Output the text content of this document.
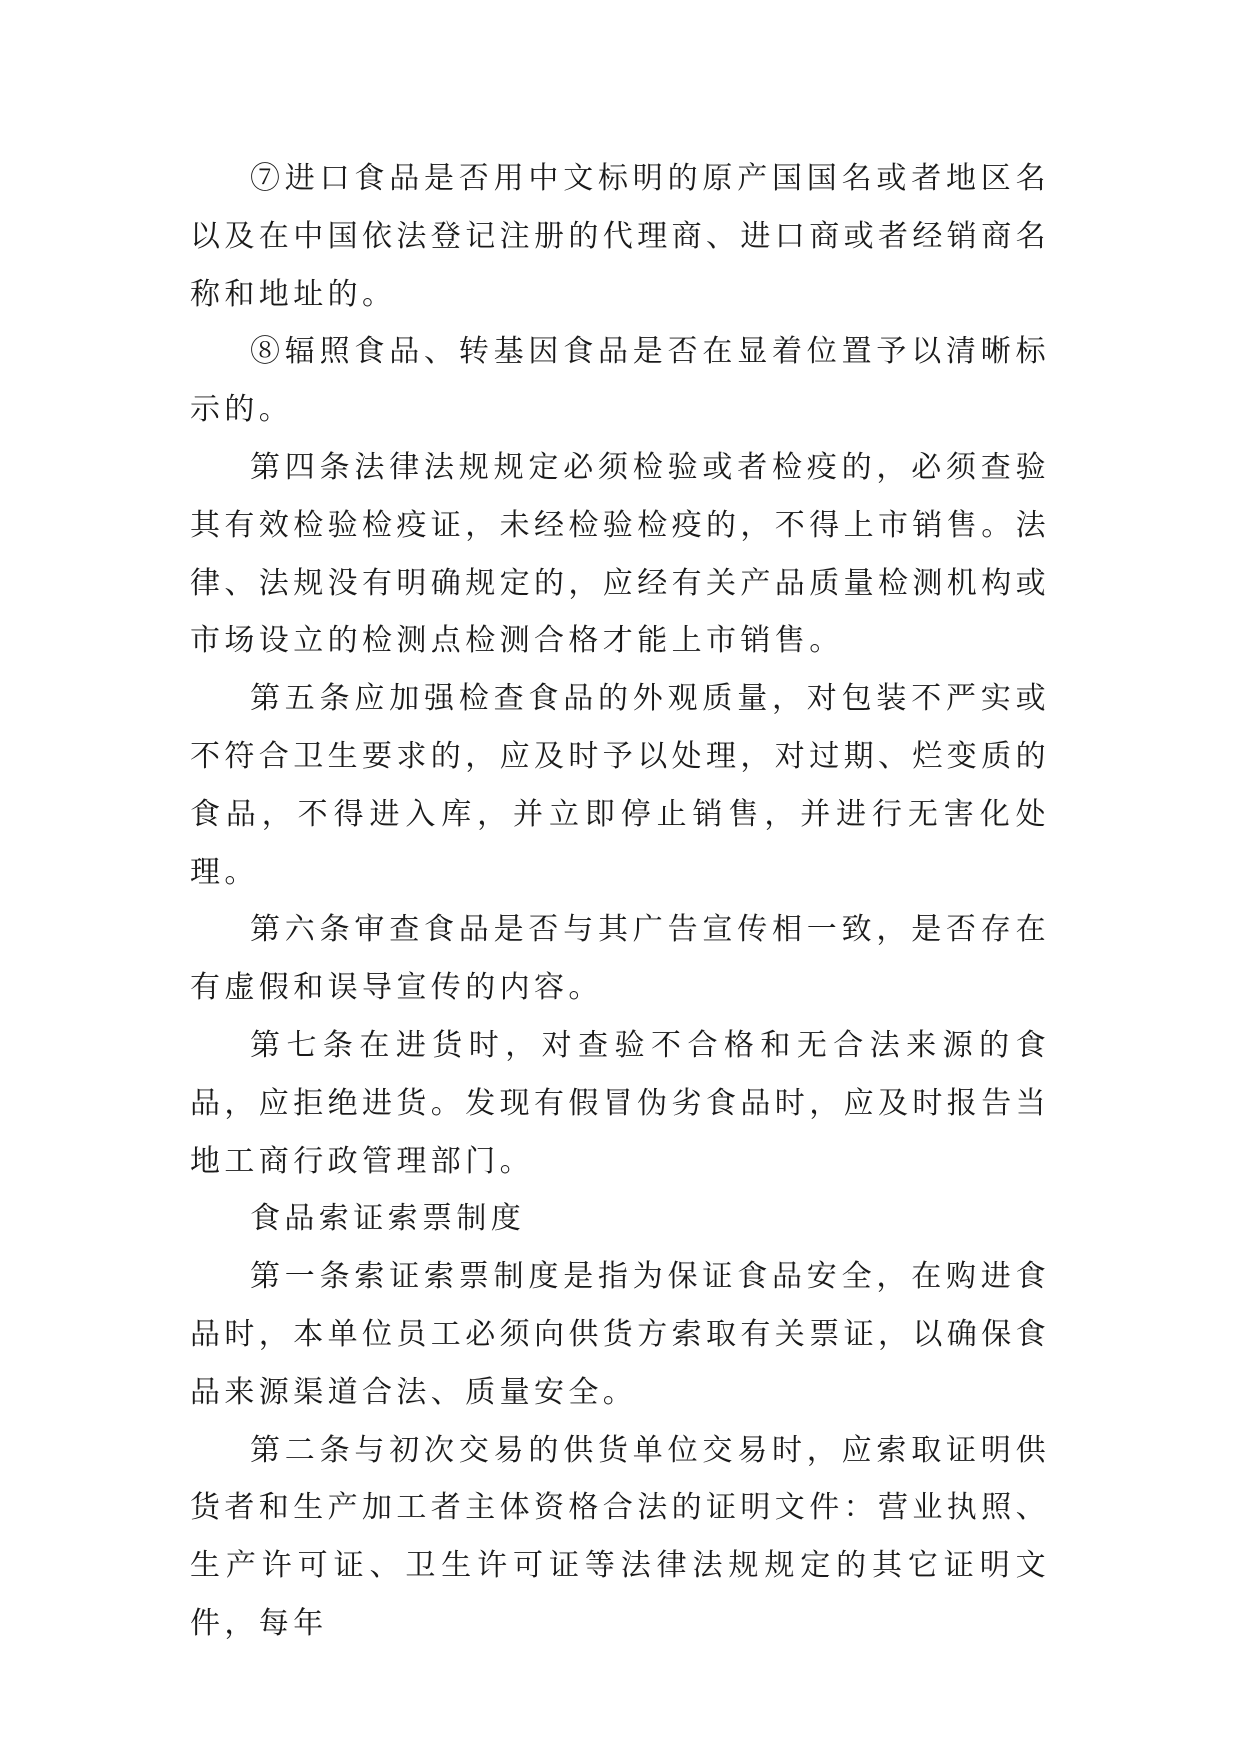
⑦进口食品是否用中文标明的原产国国名或者地区名以及在中国依法登记注册的代理商、进口商或者经销商名称和地址的。

⑧辐照食品、转基因食品是否在显着位置予以清晰标示的。

第四条法律法规规定必须检验或者检疫的，必须查验其有效检验检疫证，未经检验检疫的，不得上市销售。法律、法规没有明确规定的，应经有关产品质量检测机构或市场设立的检测点检测合格才能上市销售。

第五条应加强检查食品的外观质量，对包装不严实或不符合卫生要求的，应及时予以处理，对过期、烂变质的食品，不得进入库，并立即停止销售，并进行无害化处理。

第六条审查食品是否与其广告宣传相一致，是否存在有虚假和误导宣传的内容。

第七条在进货时，对查验不合格和无合法来源的食品，应拒绝进货。发现有假冒伪劣食品时，应及时报告当地工商行政管理部门。

食品索证索票制度

第一条索证索票制度是指为保证食品安全，在购进食品时，本单位员工必须向供货方索取有关票证，以确保食品来源渠道合法、质量安全。

第二条与初次交易的供货单位交易时，应索取证明供货者和生产加工者主体资格合法的证明文件：营业执照、生产许可证、卫生许可证等法律法规规定的其它证明文件，每年
